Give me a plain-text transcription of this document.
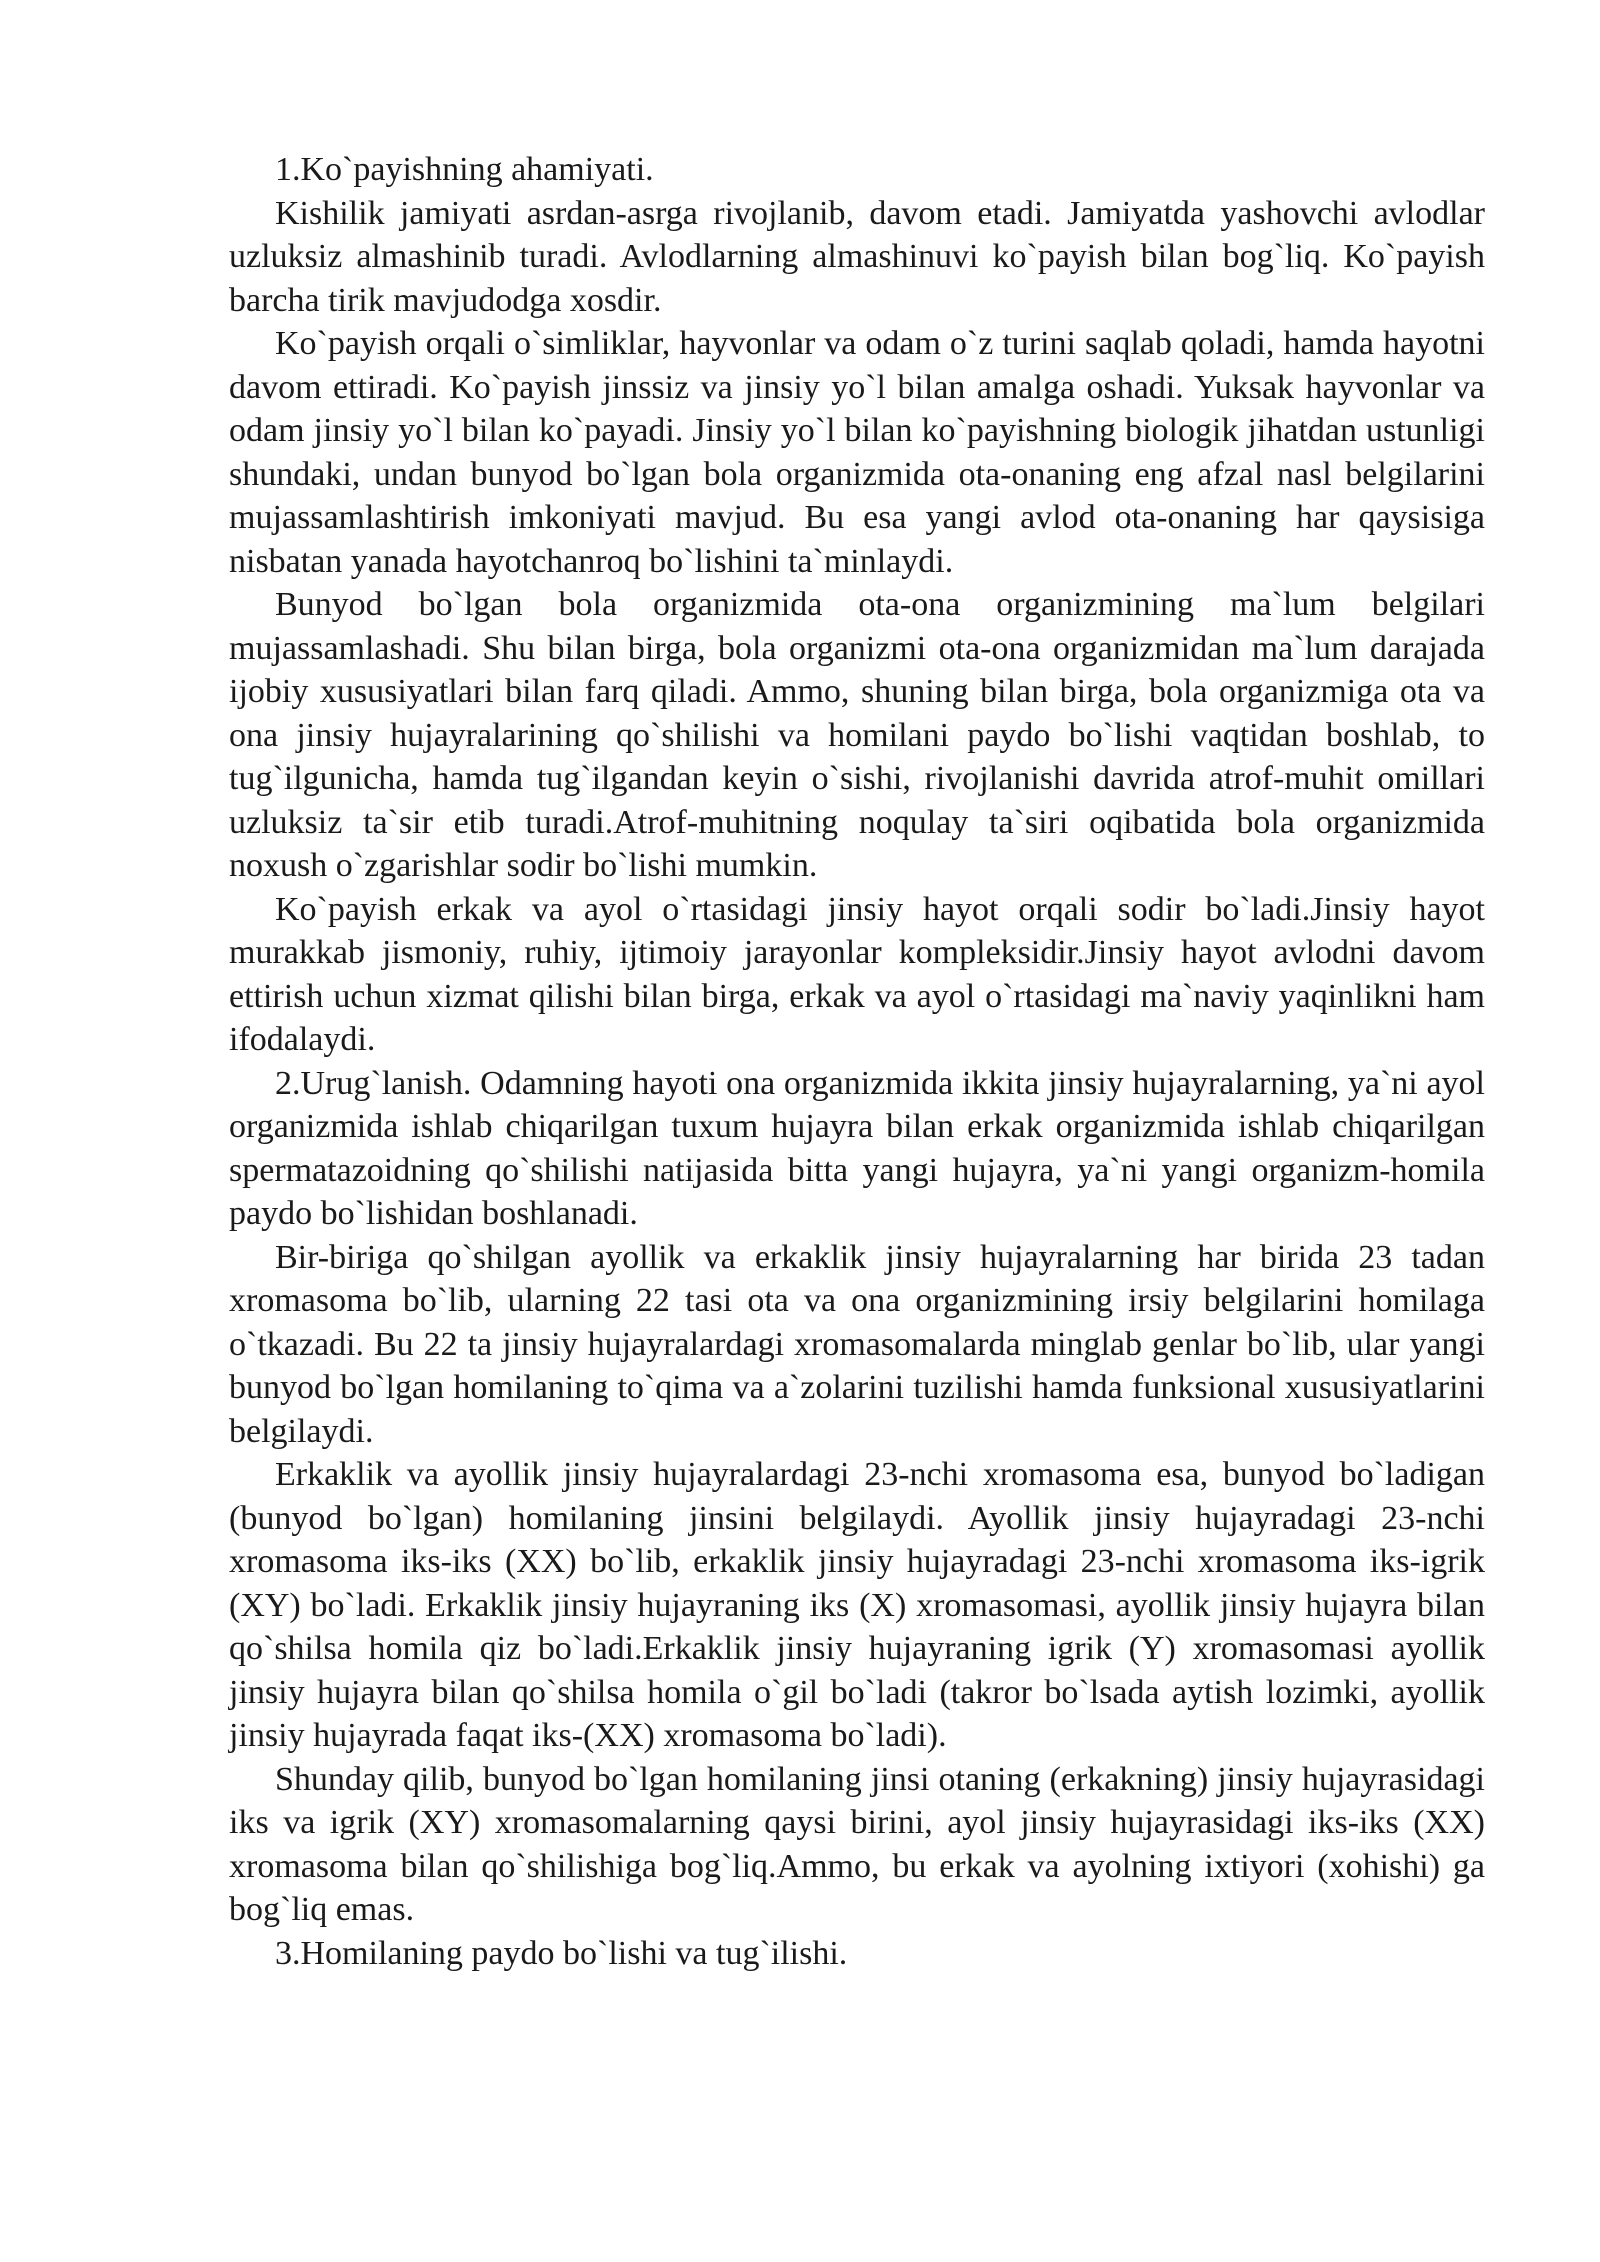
1.Ko`payishning ahamiyati.

Kishilik jamiyati asrdan-asrga rivojlanib, davom etadi. Jamiyatda yashovchi avlodlar uzluksiz almashinib turadi. Avlodlarning almashinuvi ko`payish bilan bog`liq. Ko`payish barcha tirik mavjudodga xosdir.

Ko`payish orqali o`simliklar, hayvonlar va odam o`z turini saqlab qoladi, hamda hayotni davom ettiradi. Ko`payish jinssiz va jinsiy yo`l bilan amalga oshadi. Yuksak hayvonlar va odam jinsiy yo`l bilan ko`payadi. Jinsiy yo`l bilan ko`payishning biologik jihatdan ustunligi shundaki, undan bunyod bo`lgan bola organizmida ota-onaning eng afzal nasl belgilarini mujassamlashtirish imkoniyati mavjud. Bu esa yangi avlod ota-onaning har qaysisiga nisbatan yanada hayotchanroq bo`lishini ta`minlaydi.

Bunyod bo`lgan bola organizmida ota-ona organizmining ma`lum belgilari mujassamlashadi. Shu bilan birga, bola organizmi ota-ona organizmidan ma`lum darajada ijobiy xususiyatlari bilan farq qiladi. Ammo, shuning bilan birga, bola organizmiga ota va ona jinsiy hujayralarining qo`shilishi va homilani paydo bo`lishi vaqtidan boshlab, to tug`ilgunicha, hamda tug`ilgandan keyin o`sishi, rivojlanishi davrida atrof-muhit omillari uzluksiz ta`sir etib turadi.Atrof-muhitning noqulay ta`siri oqibatida bola organizmida noxush o`zgarishlar sodir bo`lishi mumkin.

Ko`payish erkak va ayol o`rtasidagi jinsiy hayot orqali sodir bo`ladi.Jinsiy hayot murakkab jismoniy, ruhiy, ijtimoiy jarayonlar kompleksidir.Jinsiy hayot avlodni davom ettirish uchun xizmat qilishi bilan birga, erkak va ayol o`rtasidagi ma`naviy yaqinlikni ham ifodalaydi.

2.Urug`lanish. Odamning hayoti ona organizmida ikkita jinsiy hujayralarning, ya`ni ayol organizmida ishlab chiqarilgan tuxum hujayra bilan erkak organizmida ishlab chiqarilgan spermatazoidning qo`shilishi natijasida bitta yangi hujayra, ya`ni yangi organizm-homila paydo bo`lishidan boshlanadi.

Bir-biriga qo`shilgan ayollik va erkaklik jinsiy hujayralarning har birida 23 tadan xromasoma bo`lib, ularning 22 tasi ota va ona organizmining irsiy belgilarini homilaga o`tkazadi. Bu 22 ta jinsiy hujayralardagi xromasomalarda minglab genlar bo`lib, ular yangi bunyod bo`lgan homilaning to`qima va a`zolarini tuzilishi hamda funksional xususiyatlarini belgilaydi.

Erkaklik va ayollik jinsiy hujayralardagi 23-nchi xromasoma esa, bunyod bo`ladigan (bunyod bo`lgan) homilaning jinsini belgilaydi. Ayollik jinsiy hujayradagi 23-nchi xromasoma iks-iks (XX) bo`lib, erkaklik jinsiy hujayradagi 23-nchi xromasoma iks-igrik (XY) bo`ladi. Erkaklik jinsiy hujayraning iks (X) xromasomasi, ayollik jinsiy hujayra bilan qo`shilsa homila qiz bo`ladi.Erkaklik jinsiy hujayraning igrik (Y) xromasomasi ayollik jinsiy hujayra bilan qo`shilsa homila o`gil bo`ladi (takror bo`lsada aytish lozimki, ayollik jinsiy hujayrada faqat iks-(XX) xromasoma bo`ladi).

Shunday qilib, bunyod bo`lgan homilaning jinsi otaning (erkakning) jinsiy hujayrasidagi iks va igrik (XY) xromasomalarning qaysi birini, ayol jinsiy hujayrasidagi iks-iks (XX) xromasoma bilan qo`shilishiga bog`liq.Ammo, bu erkak va ayolning ixtiyori (xohishi) ga bog`liq emas.

3.Homilaning paydo bo`lishi va tug`ilishi.
